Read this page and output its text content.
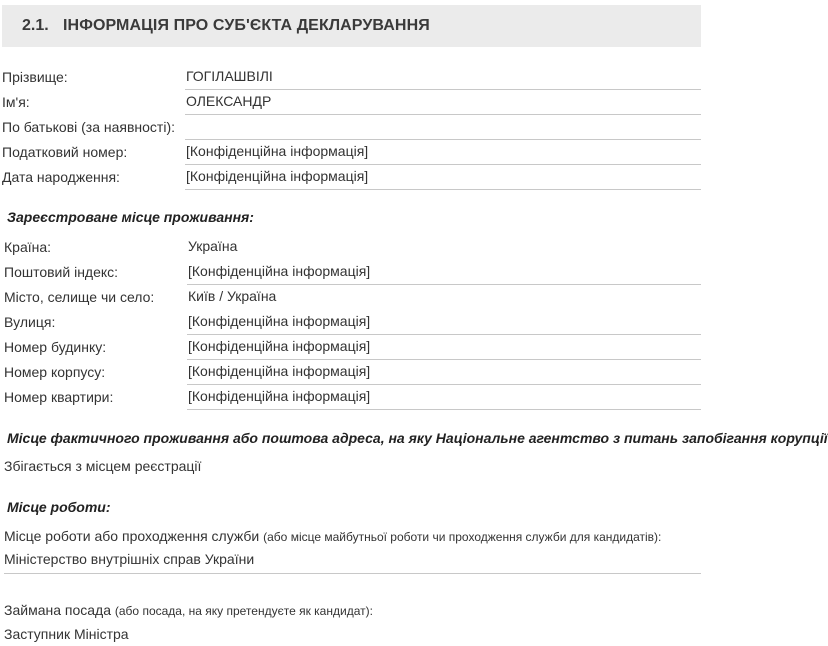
2.1. ІНФОРМАЦІЯ ПРО СУБ'ЄКТА ДЕКЛАРУВАННЯ
Прізвище:	ГОГІЛАШВІЛІ
Ім'я:	ОЛЕКСАНДР
По батькові (за наявності):
Податковий номер:	[Конфіденційна інформація]
Дата народження:	[Конфіденційна інформація]
Зареєстроване місце проживання:
Країна:	Україна
Поштовий індекс:	[Конфіденційна інформація]
Місто, селище чи село: Київ / Україна
Вулиця:	[Конфіденційна інформація]
Номер будинку:	[Конфіденційна інформація]
Номер корпусу:	[Конфіденційна інформація]
Номер квартири:	[Конфіденційна інформація]
Місце фактичного проживання або поштова адреса, на яку Національне агентство з питань запобігання корупції
Збігається з місцем реєстрації
Місце роботи:
Місце роботи або проходження служби (або місце майбутньої роботи чи проходження служби для кандидатів):
Міністерство внутрішніх справ України
Займана посада (або посада, на яку претендуєте як кандидат):
Заступник Міністра
